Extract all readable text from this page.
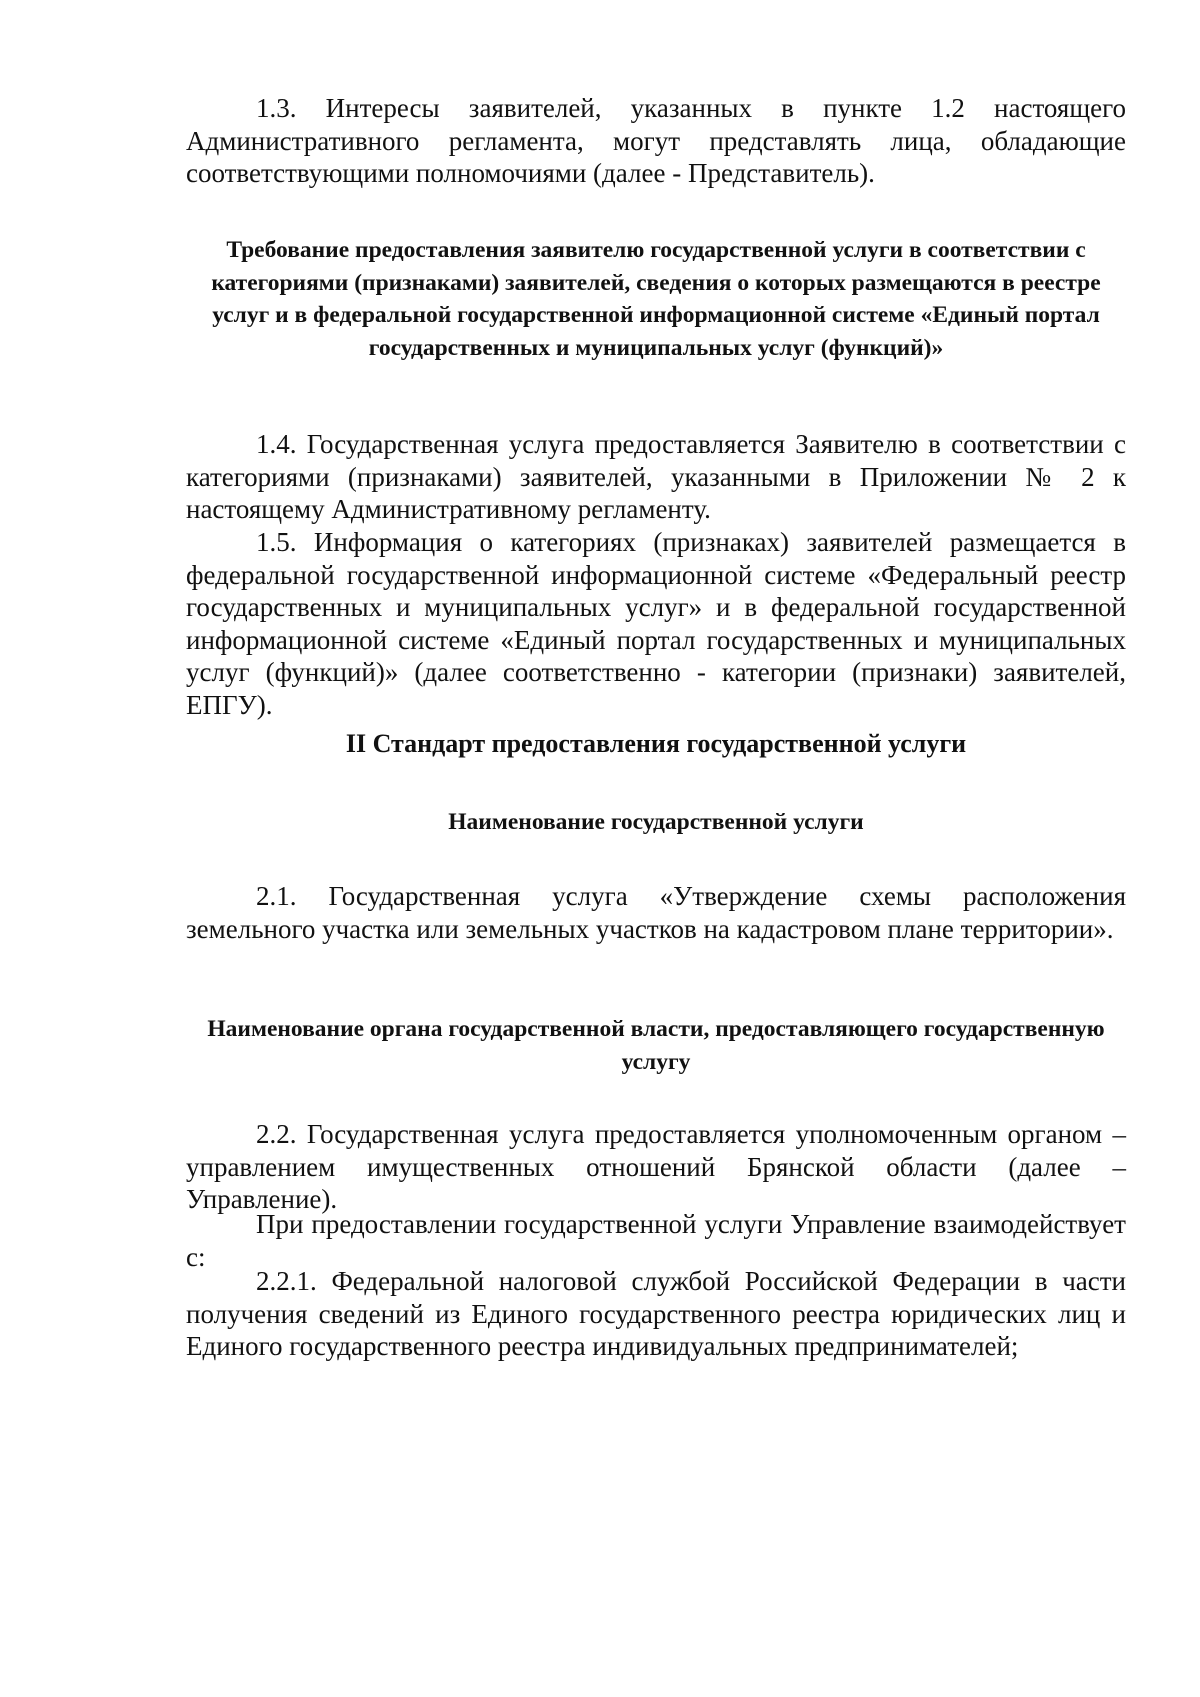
1.3. Интересы заявителей, указанных в пункте 1.2 настоящего Административного регламента, могут представлять лица, обладающие соответствующими полномочиями (далее - Представитель).

Требование предоставления заявителю государственной услуги в соответствии с категориями (признаками) заявителей, сведения о которых размещаются в реестре услуг и в федеральной государственной информационной системе «Единый портал государственных и муниципальных услуг (функций)»

1.4. Государственная услуга предоставляется Заявителю в соответствии с категориями (признаками) заявителей, указанными в Приложении № 2 к настоящему Административному регламенту.

1.5. Информация о категориях (признаках) заявителей размещается в федеральной государственной информационной системе «Федеральный реестр государственных и муниципальных услуг» и в федеральной государственной информационной системе «Единый портал государственных и муниципальных услуг (функций)» (далее соответственно - категории (признаки) заявителей, ЕПГУ).

II Стандарт предоставления государственной услуги

Наименование государственной услуги

2.1. Государственная услуга «Утверждение схемы расположения земельного участка или земельных участков на кадастровом плане территории».

Наименование органа государственной власти, предоставляющего государственную услугу

2.2. Государственная услуга предоставляется уполномоченным органом – управлением имущественных отношений Брянской области (далее – Управление).

При предоставлении государственной услуги Управление взаимодействует с:

2.2.1. Федеральной налоговой службой Российской Федерации в части получения сведений из Единого государственного реестра юридических лиц и Единого государственного реестра индивидуальных предпринимателей;
